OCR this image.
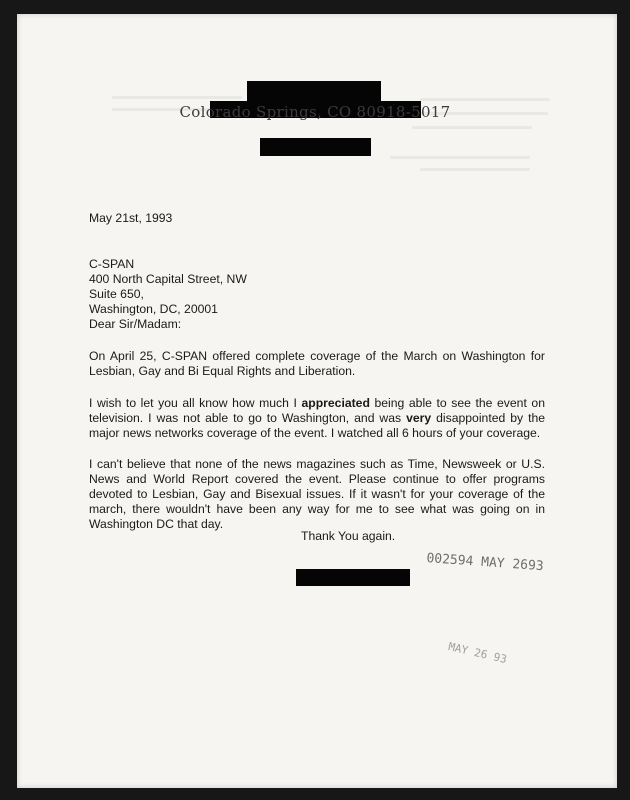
Colorado Springs, CO 80918-5017
May 21st, 1993
C-SPAN
400 North Capital Street, NW
Suite 650,
Washington, DC, 20001
Dear Sir/Madam:
On April 25, C-SPAN offered complete coverage of the March on Washington for Lesbian, Gay and Bi Equal Rights and Liberation.
I wish to let you all know how much I appreciated being able to see the event on television. I was not able to go to Washington, and was very disappointed by the major news networks coverage of the event. I watched all 6 hours of your coverage.
I can't believe that none of the news magazines such as Time, Newsweek or U.S. News and World Report covered the event. Please continue to offer programs devoted to Lesbian, Gay and Bisexual issues. If it wasn't for your coverage of the march, there wouldn't have been any way for me to see what was going on in Washington DC that day.
Thank You again.
002594 MAY 2693
MAY 26 93
